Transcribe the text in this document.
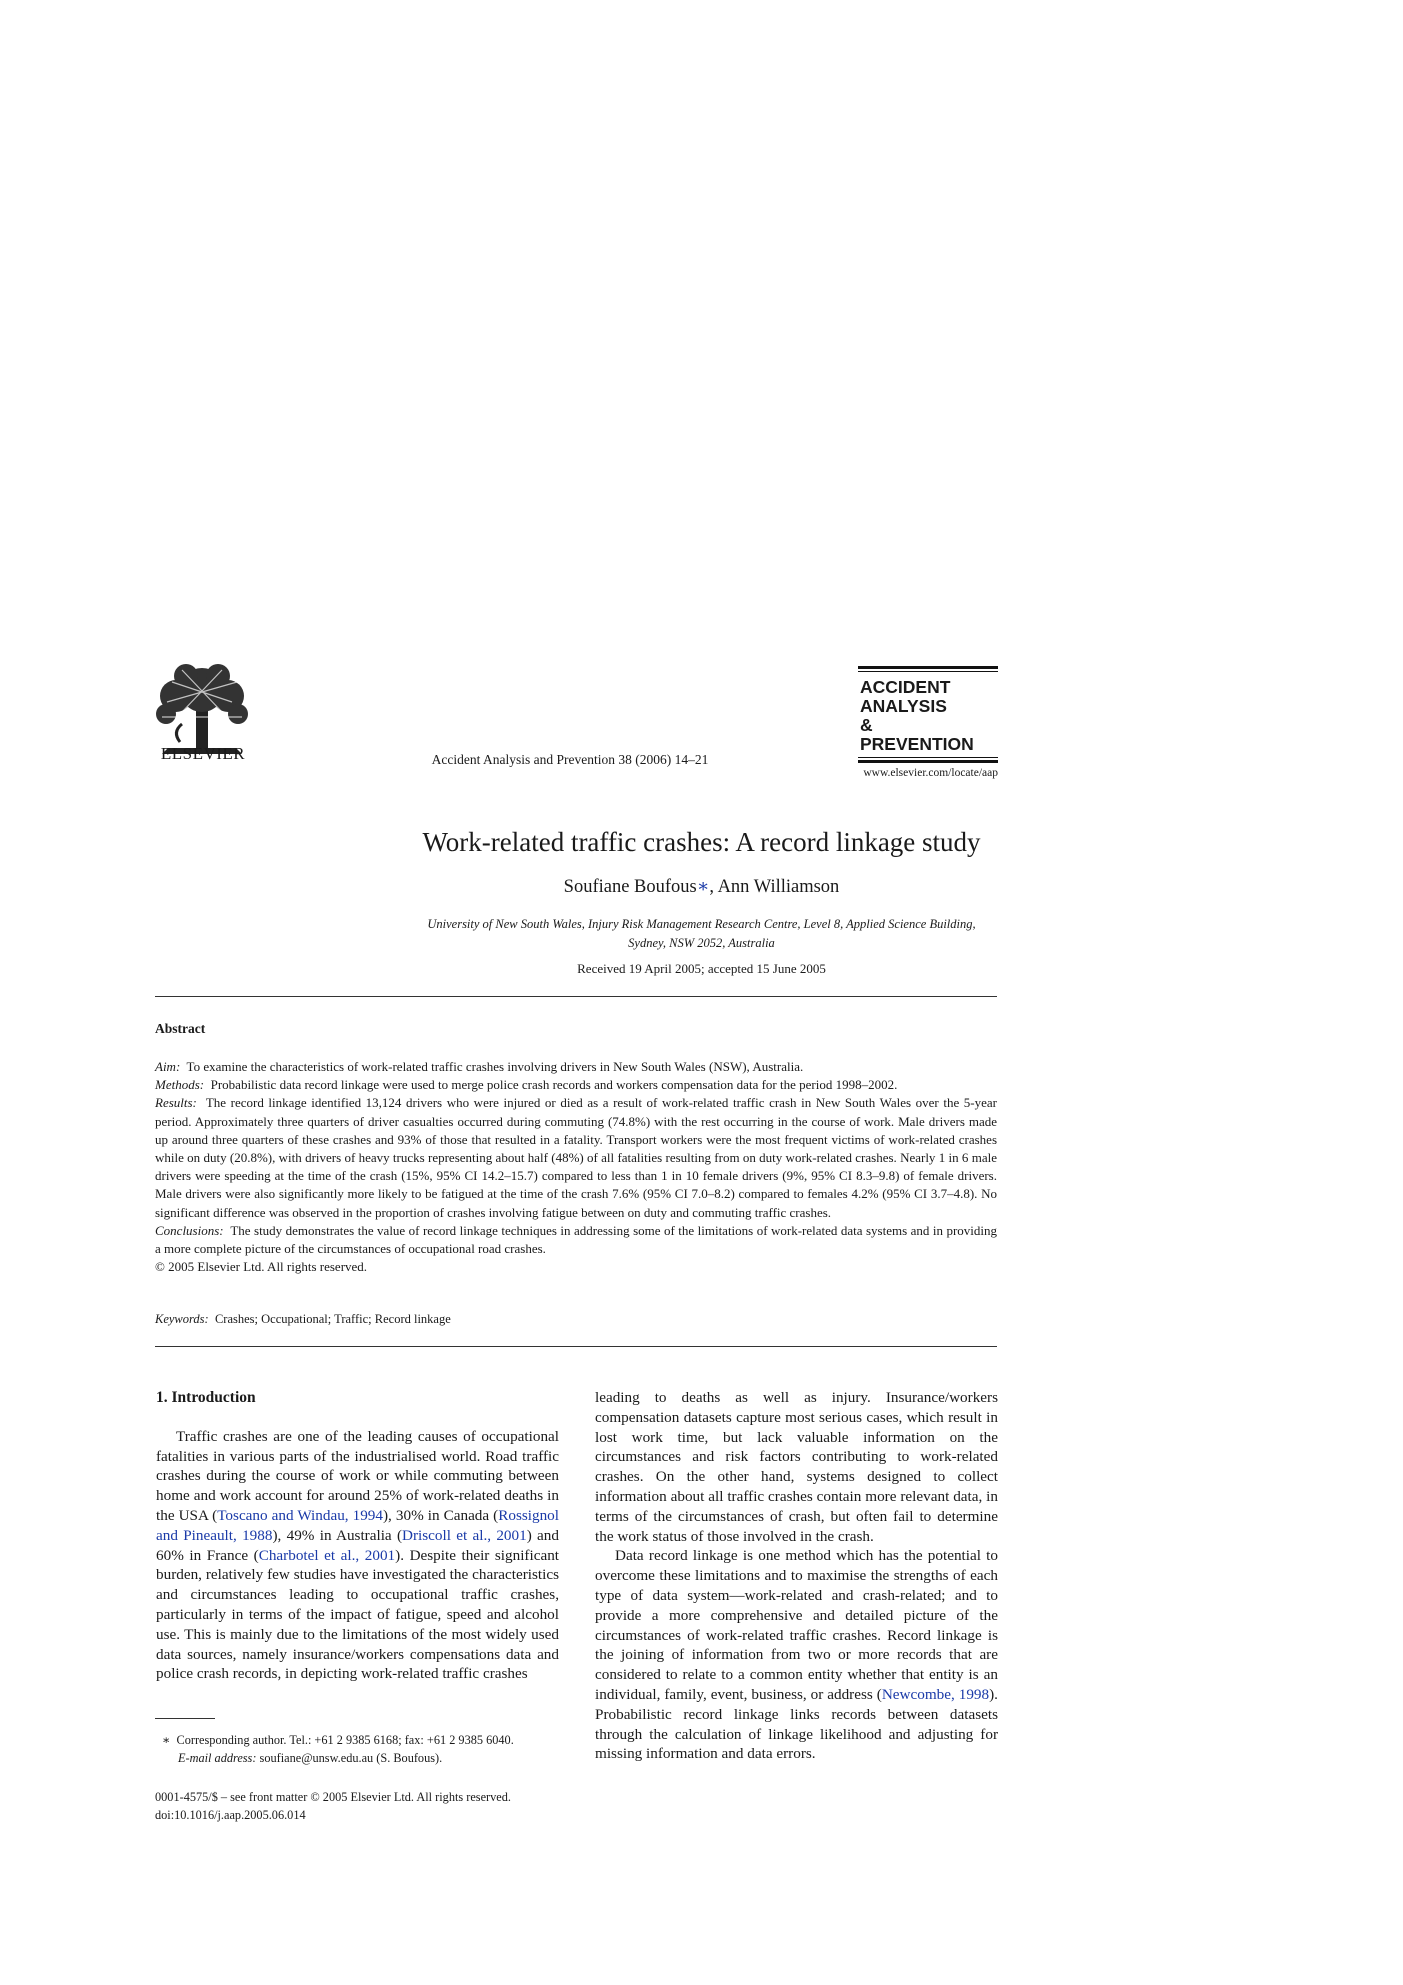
ELSEVIER	Accident Analysis and Prevention 38 (2006) 14–21
ACCIDENT
ANALYSIS
&
PREVENTION
www.elsevier.com/locate/aap
Work-related traffic crashes: A record linkage study
Soufiane Boufous∗, Ann Williamson
University of New South Wales, Injury Risk Management Research Centre, Level 8, Applied Science Building,
Sydney, NSW 2052, Australia
Received 19 April 2005; accepted 15 June 2005
Abstract

Aim: To examine the characteristics of work-related traffic crashes involving drivers in New South Wales (NSW), Australia.

Methods: Probabilistic data record linkage were used to merge police crash records and workers compensation data for the period 1998–2002.

Results: The record linkage identified 13,124 drivers who were injured or died as a result of work-related traffic crash in New South Wales over the 5-year period. Approximately three quarters of driver casualties occurred during commuting (74.8%) with the rest occurring in the course of work. Male drivers made up around three quarters of these crashes and 93% of those that resulted in a fatality. Transport workers were the most frequent victims of work-related crashes while on duty (20.8%), with drivers of heavy trucks representing about half (48%) of all fatalities resulting from on duty work-related crashes. Nearly 1 in 6 male drivers were speeding at the time of the crash (15%, 95% CI 14.2–15.7) compared to less than 1 in 10 female drivers (9%, 95% CI 8.3–9.8) of female drivers. Male drivers were also significantly more likely to be fatigued at the time of the crash 7.6% (95% CI 7.0–8.2) compared to females 4.2% (95% CI 3.7–4.8). No significant difference was observed in the proportion of crashes involving fatigue between on duty and commuting traffic crashes.

Conclusions: The study demonstrates the value of record linkage techniques in addressing some of the limitations of work-related data systems and in providing a more complete picture of the circumstances of occupational road crashes.

© 2005 Elsevier Ltd. All rights reserved.

Keywords: Crashes; Occupational; Traffic; Record linkage

1. Introduction

Traffic crashes are one of the leading causes of occupational fatalities in various parts of the industrialised world. Road traffic crashes during the course of work or while commuting between home and work account for around 25% of work-related deaths in the USA (Toscano and Windau, 1994), 30% in Canada (Rossignol and Pineault, 1988), 49% in Australia (Driscoll et al., 2001) and 60% in France (Charbotel et al., 2001). Despite their significant burden, relatively few studies have investigated the characteristics and circumstances leading to occupational traffic crashes, particularly in terms of the impact of fatigue, speed and alcohol use. This is mainly due to the limitations of the most widely used data sources, namely insurance/workers compensations data and police crash records, in depicting work-related traffic crashes

leading to deaths as well as injury. Insurance/workers compensation datasets capture most serious cases, which result in lost work time, but lack valuable information on the circumstances and risk factors contributing to work-related crashes. On the other hand, systems designed to collect information about all traffic crashes contain more relevant data, in terms of the circumstances of crash, but often fail to determine the work status of those involved in the crash.

Data record linkage is one method which has the potential to overcome these limitations and to maximise the strengths of each type of data system—work-related and crash-related; and to provide a more comprehensive and detailed picture of the circumstances of work-related traffic crashes. Record linkage is the joining of information from two or more records that are considered to relate to a common entity whether that entity is an individual, family, event, business, or address (Newcombe, 1998). Probabilistic record linkage links records between datasets through the calculation of linkage likelihood and adjusting for missing information and data errors.

∗ Corresponding author. Tel.: +61 2 9385 6168; fax: +61 2 9385 6040.
E-mail address: soufiane@unsw.edu.au (S. Boufous).
0001-4575/$ – see front matter © 2005 Elsevier Ltd. All rights reserved.
doi:10.1016/j.aap.2005.06.014
